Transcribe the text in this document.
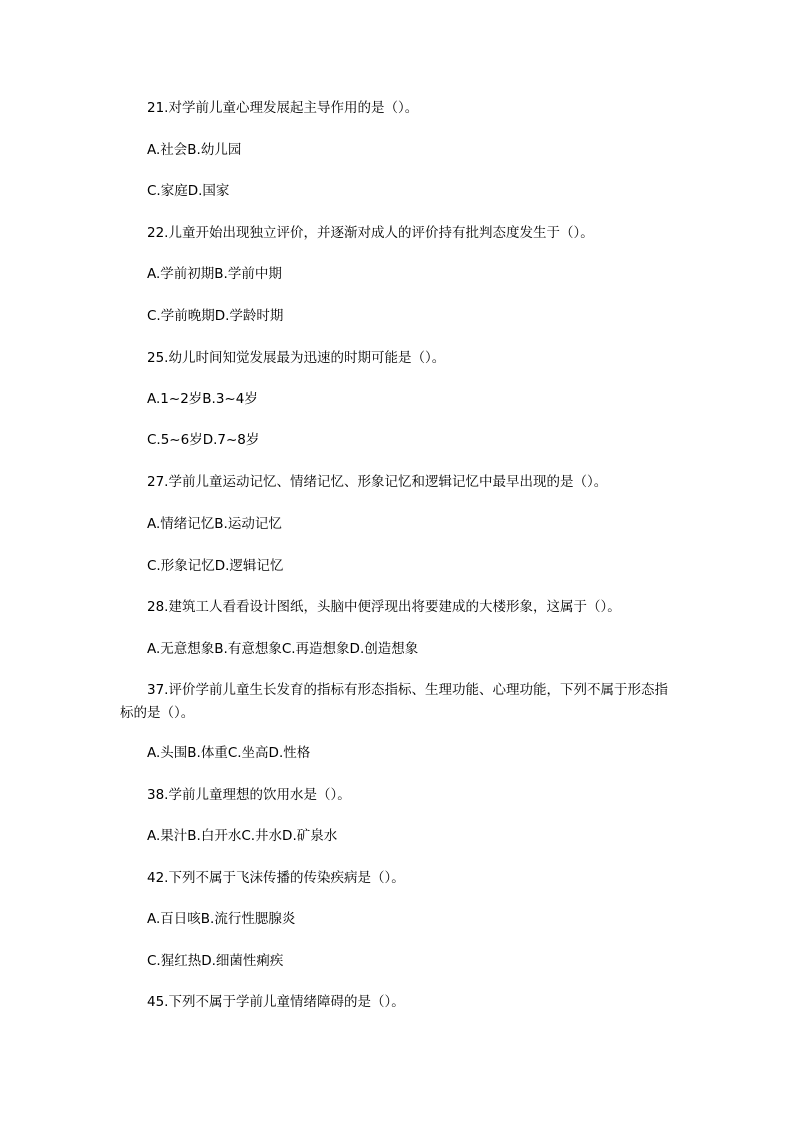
21.对学前儿童心理发展起主导作用的是（）。
A.社会B.幼儿园
C.家庭D.国家
22.儿童开始出现独立评价，并逐渐对成人的评价持有批判态度发生于（）。
A.学前初期B.学前中期
C.学前晚期D.学龄时期
25.幼儿时间知觉发展最为迅速的时期可能是（）。
A.1~2岁B.3~4岁
C.5~6岁D.7~8岁
27.学前儿童运动记忆、情绪记忆、形象记忆和逻辑记忆中最早出现的是（）。
A.情绪记忆B.运动记忆
C.形象记忆D.逻辑记忆
28.建筑工人看看设计图纸，头脑中便浮现出将要建成的大楼形象，这属于（）。
A.无意想象B.有意想象C.再造想象D.创造想象
37.评价学前儿童生长发育的指标有形态指标、生理功能、心理功能，下列不属于形态指标的是（）。
A.头围B.体重C.坐高D.性格
38.学前儿童理想的饮用水是（）。
A.果汁B.白开水C.井水D.矿泉水
42.下列不属于飞沫传播的传染疾病是（）。
A.百日咳B.流行性腮腺炎
C.猩红热D.细菌性痢疾
45.下列不属于学前儿童情绪障碍的是（）。
